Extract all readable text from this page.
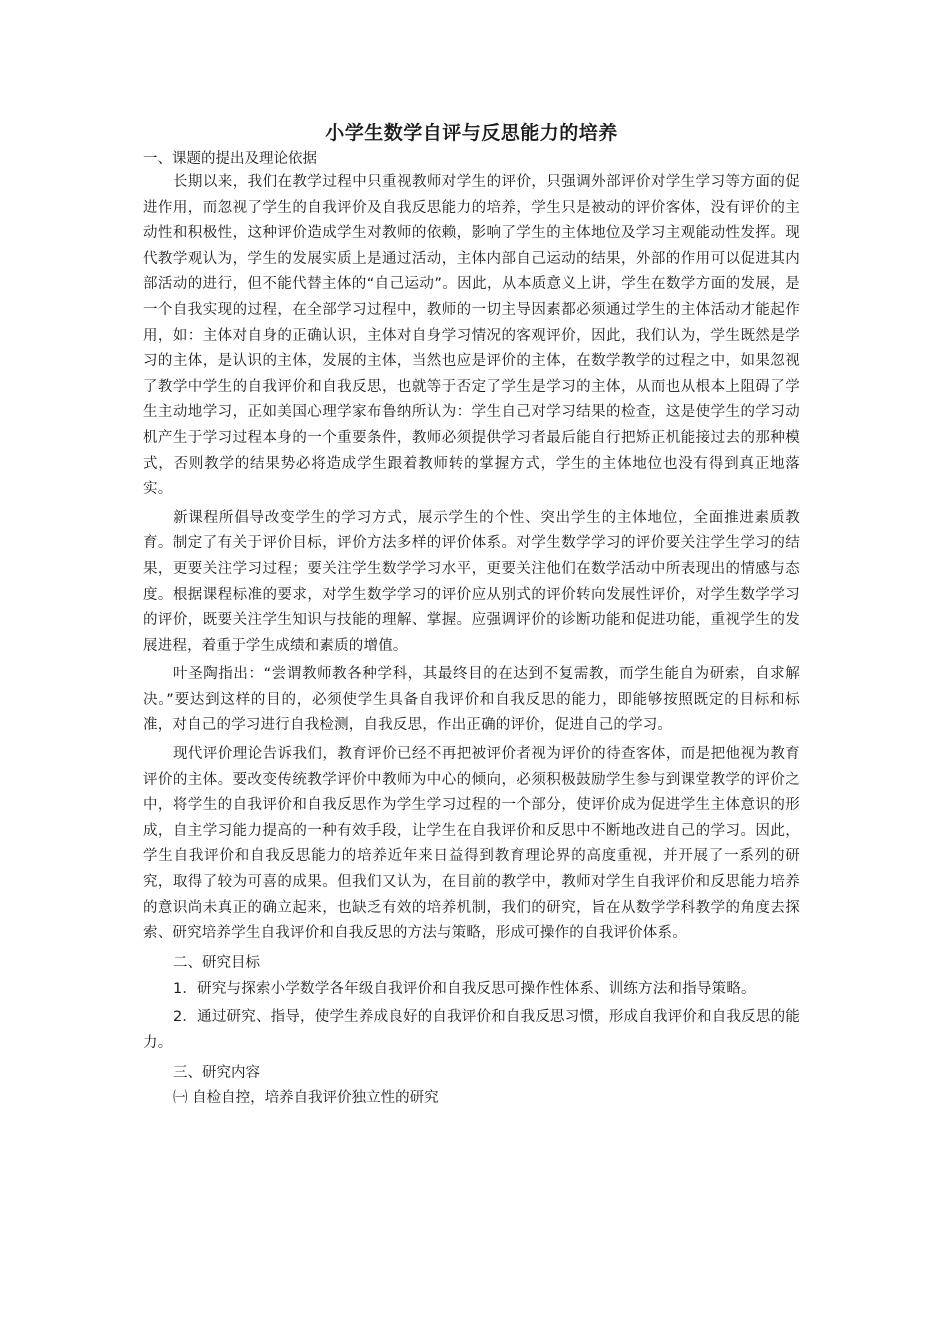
小学生数学自评与反思能力的培养
一、课题的提出及理论依据

长期以来，我们在教学过程中只重视教师对学生的评价，只强调外部评价对学生学习等方面的促进作用，而忽视了学生的自我评价及自我反思能力的培养，学生只是被动的评价客体，没有评价的主动性和积极性，这种评价造成学生对教师的依赖，影响了学生的主体地位及学习主观能动性发挥。现代教学观认为，学生的发展实质上是通过活动，主体内部自己运动的结果，外部的作用可以促进其内部活动的进行，但不能代替主体的“自己运动”。因此，从本质意义上讲，学生在数学方面的发展，是一个自我实现的过程，在全部学习过程中，教师的一切主导因素都必须通过学生的主体活动才能起作用，如：主体对自身的正确认识，主体对自身学习情况的客观评价，因此，我们认为，学生既然是学习的主体，是认识的主体，发展的主体，当然也应是评价的主体，在数学教学的过程之中，如果忽视了教学中学生的自我评价和自我反思，也就等于否定了学生是学习的主体，从而也从根本上阻碍了学生主动地学习，正如美国心理学家布鲁纳所认为：学生自己对学习结果的检查，这是使学生的学习动机产生于学习过程本身的一个重要条件，教师必须提供学习者最后能自行把矫正机能接过去的那种模式，否则教学的结果势必将造成学生跟着教师转的掌握方式，学生的主体地位也没有得到真正地落实。

新课程所倡导改变学生的学习方式，展示学生的个性、突出学生的主体地位，全面推进素质教育。制定了有关于评价目标，评价方法多样的评价体系。对学生数学学习的评价要关注学生学习的结果，更要关注学习过程；要关注学生数学学习水平，更要关注他们在数学活动中所表现出的情感与态度。根据课程标准的要求，对学生数学学习的评价应从别式的评价转向发展性评价，对学生数学学习的评价，既要关注学生知识与技能的理解、掌握。应强调评价的诊断功能和促进功能，重视学生的发展进程，着重于学生成绩和素质的增值。

叶圣陶指出：“尝谓教师教各种学科，其最终目的在达到不复需教，而学生能自为研索，自求解决。”要达到这样的目的，必须使学生具备自我评价和自我反思的能力，即能够按照既定的目标和标准，对自己的学习进行自我检测，自我反思，作出正确的评价，促进自己的学习。

现代评价理论告诉我们，教育评价已经不再把被评价者视为评价的待查客体，而是把他视为教育评价的主体。要改变传统教学评价中教师为中心的倾向，必须积极鼓励学生参与到课堂教学的评价之中，将学生的自我评价和自我反思作为学生学习过程的一个部分，使评价成为促进学生主体意识的形成，自主学习能力提高的一种有效手段，让学生在自我评价和反思中不断地改进自己的学习。因此，学生自我评价和自我反思能力的培养近年来日益得到教育理论界的高度重视，并开展了一系列的研究，取得了较为可喜的成果。但我们又认为，在目前的教学中，教师对学生自我评价和反思能力培养的意识尚未真正的确立起来，也缺乏有效的培养机制，我们的研究，旨在从数学学科教学的角度去探索、研究培养学生自我评价和自我反思的方法与策略，形成可操作的自我评价体系。

二、研究目标

1．研究与探索小学数学各年级自我评价和自我反思可操作性体系、训练方法和指导策略。

2．通过研究、指导，使学生养成良好的自我评价和自我反思习惯，形成自我评价和自我反思的能力。

三、研究内容
㈠ 自检自控，培养自我评价独立性的研究
